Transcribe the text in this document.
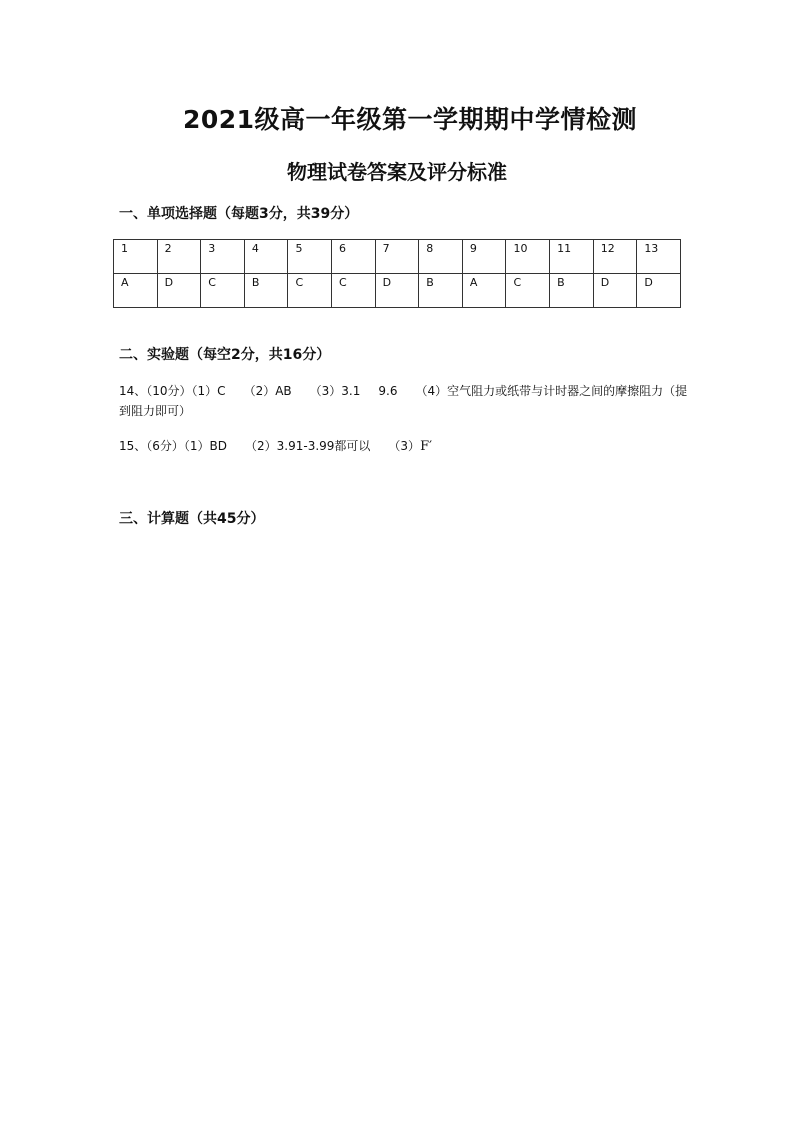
2021级高一年级第一学期期中学情检测
物理试卷答案及评分标准
一、单项选择题（每题3分，共39分）
1	2	3	4	5	6	7	8	9	10	11	12	13
A	D	C	B	C	C	D	B	A	C	B	D	D
二、实验题（每空2分，共16分）
14、（10分）（1）C （2）AB （3）3.1 9.6 （4）空气阻力或纸带与计时器之间的摩擦阻力（提到阻力即可）
15、（6分）（1）BD （2）3.91-3.99都可以 （3）F′
三、计算题（共45分）
